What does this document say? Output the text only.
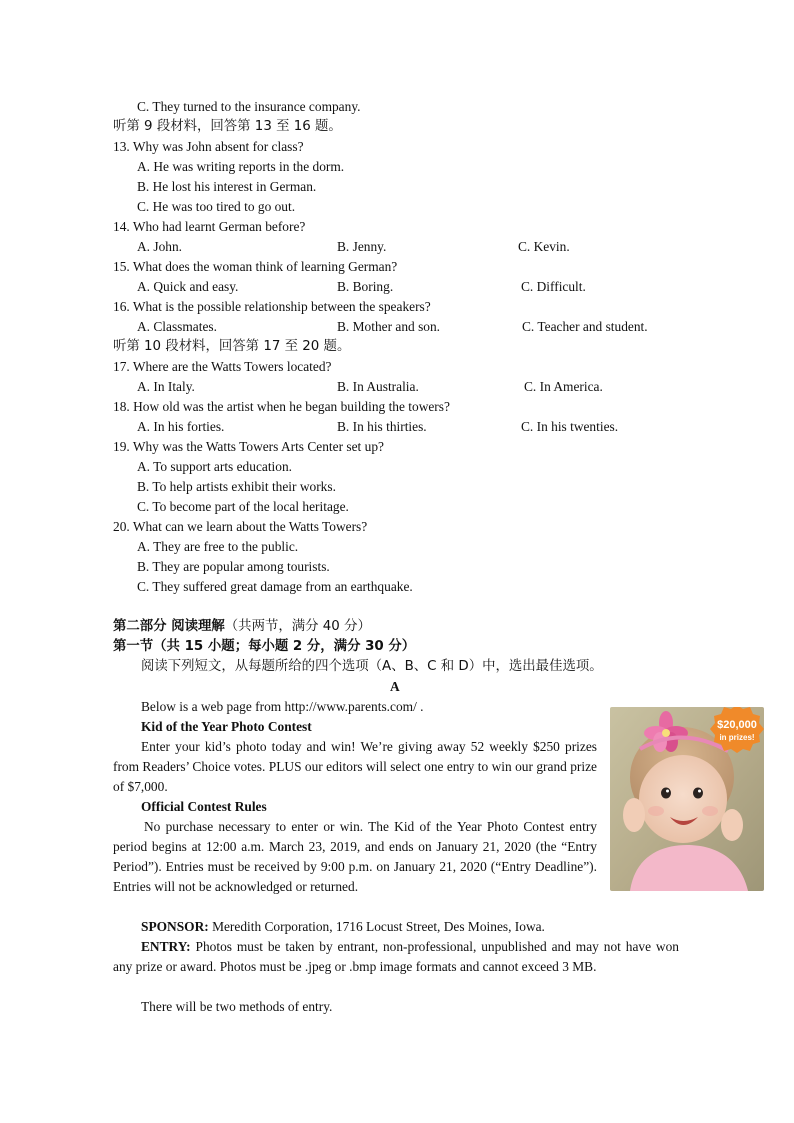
C. They turned to the insurance company.
听第 9 段材料，回答第 13 至 16 题。
13. Why was John absent for class?
A. He was writing reports in the dorm.
B. He lost his interest in German.
C. He was too tired to go out.
14. Who had learnt German before?
A. John.	B. Jenny.	C. Kevin.
15. What does the woman think of learning German?
A. Quick and easy.	B. Boring.	C. Difficult.
16. What is the possible relationship between the speakers?
A. Classmates.	B. Mother and son.	C. Teacher and student.
听第 10 段材料，回答第 17 至 20 题。
17. Where are the Watts Towers located?
A. In Italy.	B. In Australia.	C. In America.
18. How old was the artist when he began building the towers?
A. In his forties.	B. In his thirties.	C. In his twenties.
19. Why was the Watts Towers Arts Center set up?
A. To support arts education.
B. To help artists exhibit their works.
C. To become part of the local heritage.
20. What can we learn about the Watts Towers?
A. They are free to the public.
B. They are popular among tourists.
C. They suffered great damage from an earthquake.
第二部分 阅读理解（共两节，满分 40 分）
第一节（共 15 小题；每小题 2 分，满分 30 分）
阅读下列短文，从每题所给的四个选项（A、B、C 和 D）中，选出最佳选项。
A
Below is a web page from http://www.parents.com/ .
Kid of the Year Photo Contest
Enter your kid’s photo today and win! We’re giving away 52 weekly $250 prizes from Readers’ Choice votes. PLUS our editors will select one entry to win our grand prize of $7,000.
Official Contest Rules
No purchase necessary to enter or win. The Kid of the Year Photo Contest entry period begins at 12:00 a.m. March 23, 2019, and ends on January 21, 2020 (the “Entry Period”). Entries must be received by 9:00 p.m. on January 21, 2020 (“Entry Deadline”). Entries will not be acknowledged or returned.
SPONSOR: Meredith Corporation, 1716 Locust Street, Des Moines, Iowa.
ENTRY: Photos must be taken by entrant, non-professional, unpublished and may not have won any prize or award. Photos must be .jpeg or .bmp image formats and cannot exceed 3 MB.
There will be two methods of entry.
$20,000
in prizes!
